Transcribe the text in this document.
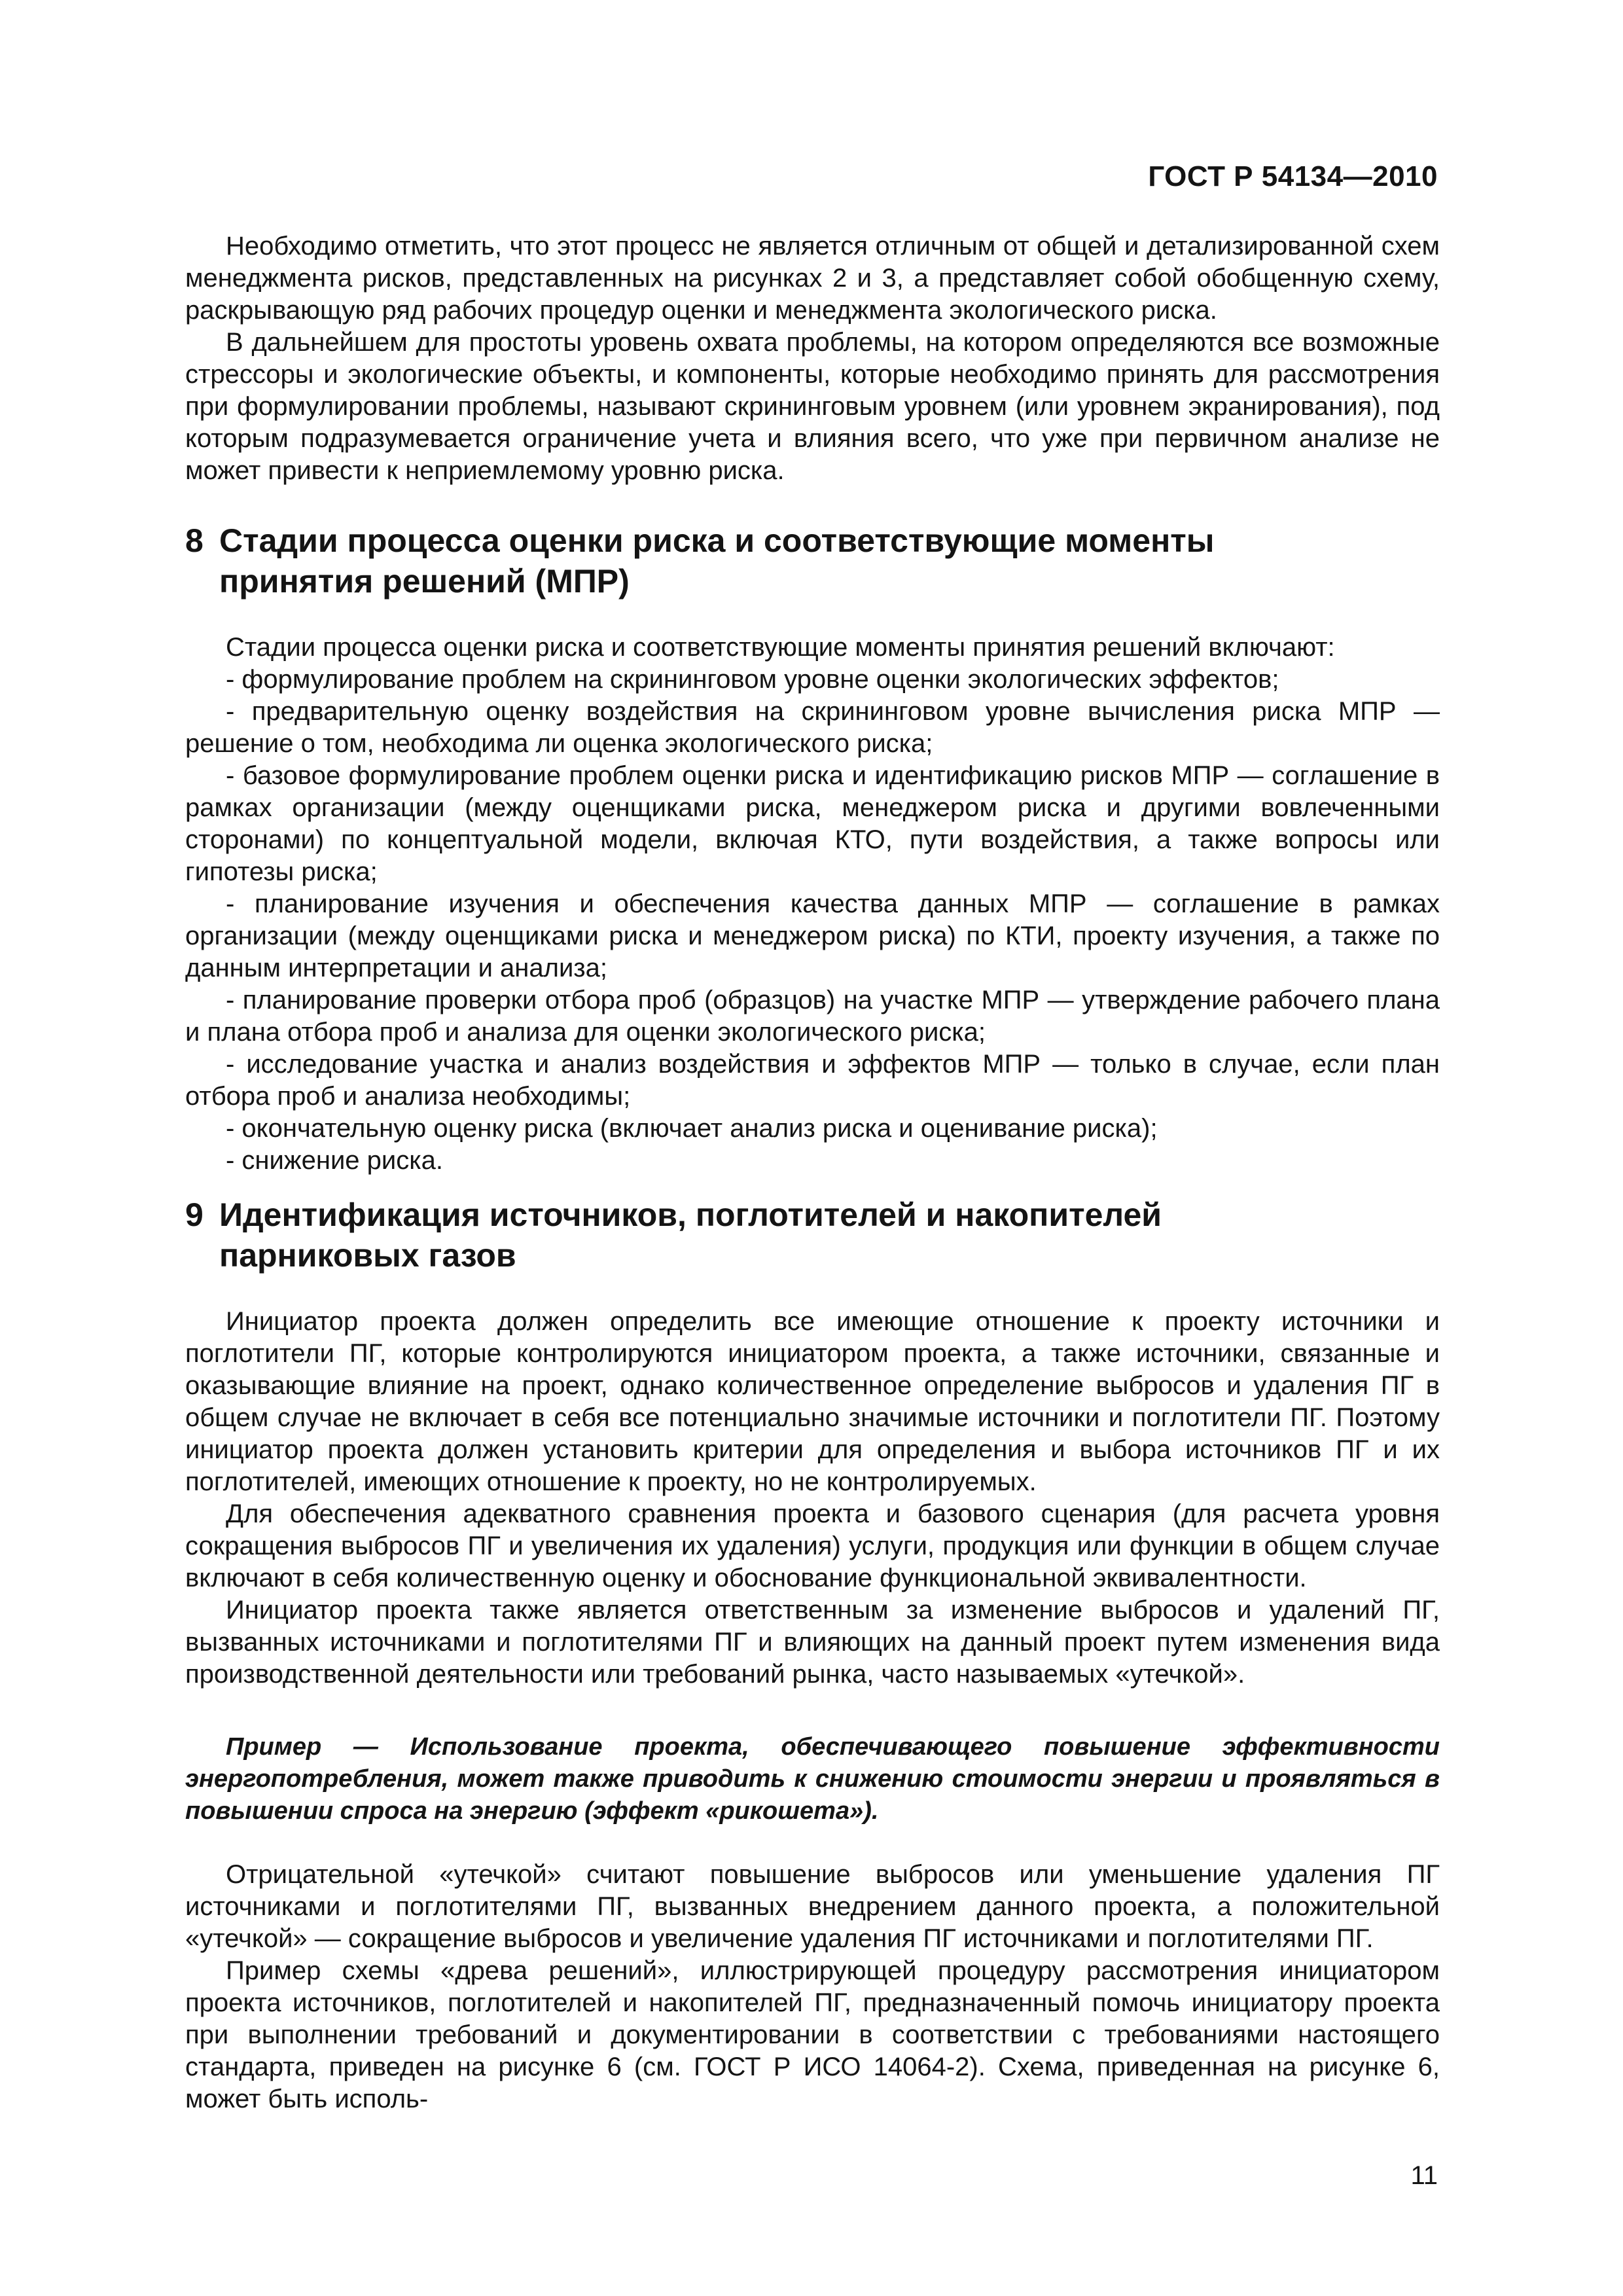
ГОСТ Р 54134—2010

Необходимо отметить, что этот процесс не является отличным от общей и детализированной схем менеджмента рисков, представленных на рисунках 2 и 3, а представляет собой обобщенную схему, раскрывающую ряд рабочих процедур оценки и менеджмента экологического риска.

В дальнейшем для простоты уровень охвата проблемы, на котором определяются все возможные стрессоры и экологические объекты, и компоненты, которые необходимо принять для рассмотрения при формулировании проблемы, называют скрининговым уровнем (или уровнем экранирования), под которым подразумевается ограничение учета и влияния всего, что уже при первичном анализе не может привести к неприемлемому уровню риска.

8 Стадии процесса оценки риска и соответствующие моменты
принятия решений (МПР)

Стадии процесса оценки риска и соответствующие моменты принятия решений включают:

- формулирование проблем на скрининговом уровне оценки экологических эффектов;

- предварительную оценку воздействия на скрининговом уровне вычисления риска МПР — решение о том, необходима ли оценка экологического риска;

- базовое формулирование проблем оценки риска и идентификацию рисков МПР — соглашение в рамках организации (между оценщиками риска, менеджером риска и другими вовлеченными сторонами) по концептуальной модели, включая КТО, пути воздействия, а также вопросы или гипотезы риска;

- планирование изучения и обеспечения качества данных МПР — соглашение в рамках организации (между оценщиками риска и менеджером риска) по КТИ, проекту изучения, а также по данным интерпретации и анализа;

- планирование проверки отбора проб (образцов) на участке МПР — утверждение рабочего плана и плана отбора проб и анализа для оценки экологического риска;

- исследование участка и анализ воздействия и эффектов МПР — только в случае, если план отбора проб и анализа необходимы;

- окончательную оценку риска (включает анализ риска и оценивание риска);

- снижение риска.

9 Идентификация источников, поглотителей и накопителей
парниковых газов

Инициатор проекта должен определить все имеющие отношение к проекту источники и поглотители ПГ, которые контролируются инициатором проекта, а также источники, связанные и оказывающие влияние на проект, однако количественное определение выбросов и удаления ПГ в общем случае не включает в себя все потенциально значимые источники и поглотители ПГ. Поэтому инициатор проекта должен установить критерии для определения и выбора источников ПГ и их поглотителей, имеющих отношение к проекту, но не контролируемых.

Для обеспечения адекватного сравнения проекта и базового сценария (для расчета уровня сокращения выбросов ПГ и увеличения их удаления) услуги, продукция или функции в общем случае включают в себя количественную оценку и обоснование функциональной эквивалентности.

Инициатор проекта также является ответственным за изменение выбросов и удалений ПГ, вызванных источниками и поглотителями ПГ и влияющих на данный проект путем изменения вида производственной деятельности или требований рынка, часто называемых «утечкой».

Пример — Использование проекта, обеспечивающего повышение эффективности энергопотребления, может также приводить к снижению стоимости энергии и проявляться в повышении спроса на энергию (эффект «рикошета»).

Отрицательной «утечкой» считают повышение выбросов или уменьшение удаления ПГ источниками и поглотителями ПГ, вызванных внедрением данного проекта, а положительной «утечкой» — сокращение выбросов и увеличение удаления ПГ источниками и поглотителями ПГ.

Пример схемы «древа решений», иллюстрирующей процедуру рассмотрения инициатором проекта источников, поглотителей и накопителей ПГ, предназначенный помочь инициатору проекта при выполнении требований и документировании в соответствии с требованиями настоящего стандарта, приведен на рисунке 6 (см. ГОСТ Р ИСО 14064-2). Схема, приведенная на рисунке 6, может быть исполь-

11
